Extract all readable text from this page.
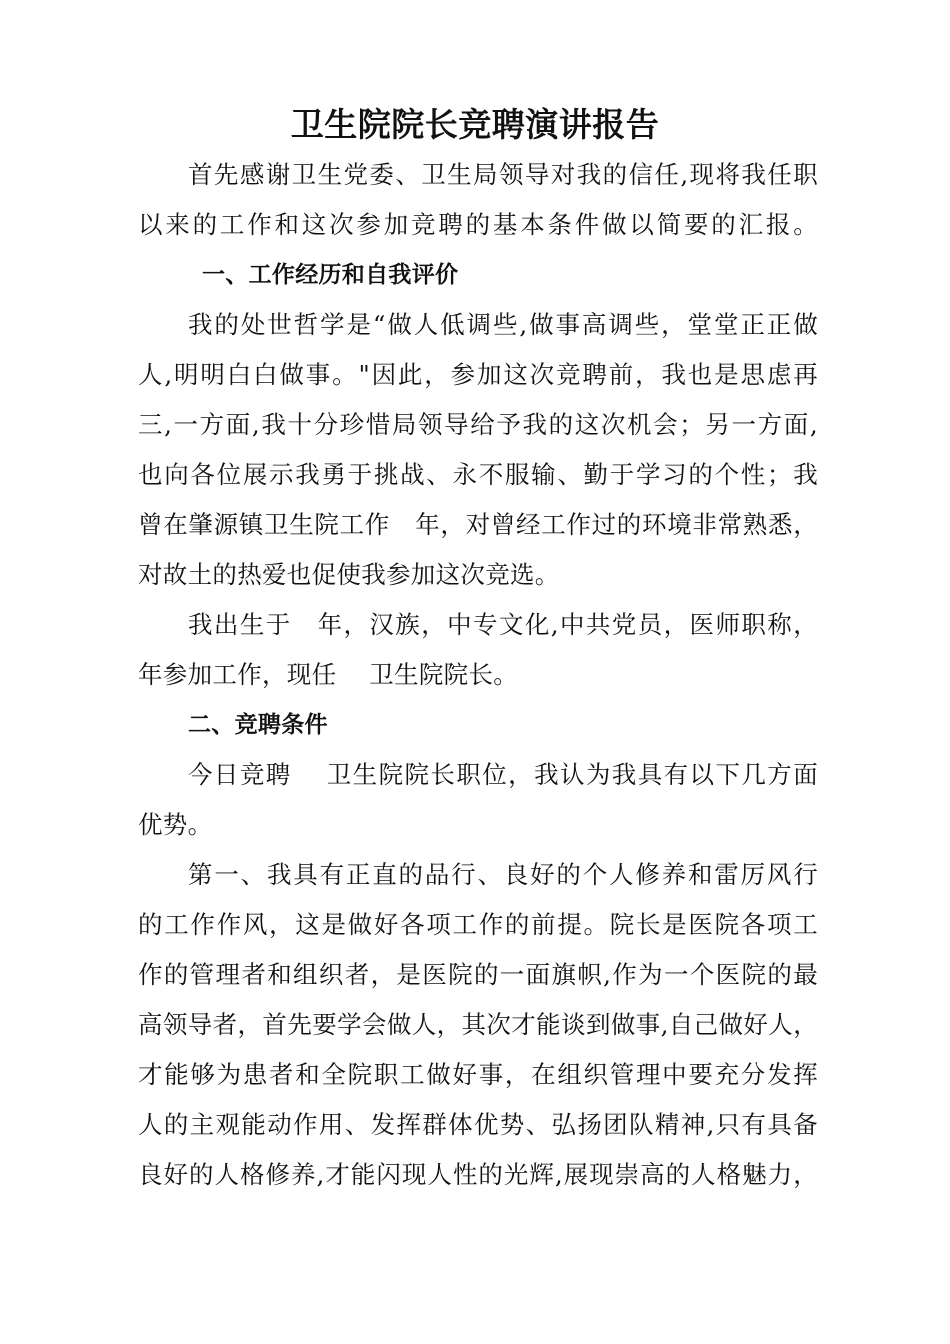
卫生院院长竞聘演讲报告
首先感谢卫生党委、卫生局领导对我的信任,现将我任职
以来的工作和这次参加竞聘的基本条件做以简要的汇报。
一、工作经历和自我评价
我的处世哲学是“做人低调些,做事高调些，堂堂正正做
人,明明白白做事。"因此，参加这次竞聘前，我也是思虑再
三,一方面,我十分珍惜局领导给予我的这次机会；另一方面,
也向各位展示我勇于挑战、永不服输、勤于学习的个性；我
曾在肇源镇卫生院工作　年，对曾经工作过的环境非常熟悉，
对故土的热爱也促使我参加这次竞选。
我出生于　年，汉族，中专文化,中共党员，医师职称，
年参加工作，现任　 卫生院院长。
二、竞聘条件
今日竞聘　 卫生院院长职位，我认为我具有以下几方面
优势。
第一、我具有正直的品行、良好的个人修养和雷厉风行
的工作作风，这是做好各项工作的前提。院长是医院各项工
作的管理者和组织者，是医院的一面旗帜,作为一个医院的最
高领导者，首先要学会做人，其次才能谈到做事,自己做好人，
才能够为患者和全院职工做好事，在组织管理中要充分发挥
人的主观能动作用、发挥群体优势、弘扬团队精神,只有具备
良好的人格修养,才能闪现人性的光辉,展现崇高的人格魅力，
